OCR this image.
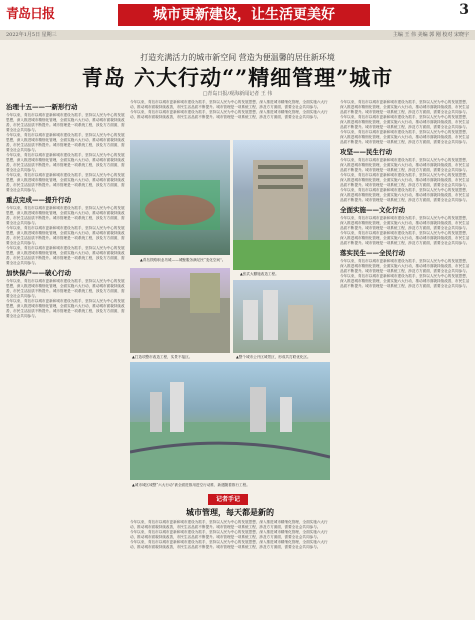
青岛日报	城市更新建设，让生活更美好	3
2022年1月5日 星期三	主编 王 伟 美编 郭 刚 校对 宋晓宇
打造充满活力的城市新空间 营造为便温馨的居住新环境
青岛 六大行动“”精细管理”城市
□青岛日报/观海新闻记者 王 伟
治理十五——一新形行动
今年以来，青岛市以城市更新和城市建设为抓手，坚持以人民为中心的发展思想，深入推进城市精细化管理，全面实施六大行动，推动城市面貌持续改善，市民生活品质不断提升。城市管理是一项系统工程，涉及方方面面，需要全社会共同参与。
今年以来，青岛市以城市更新和城市建设为抓手，坚持以人民为中心的发展思想，深入推进城市精细化管理，全面实施六大行动，推动城市面貌持续改善，市民生活品质不断提升。城市管理是一项系统工程，涉及方方面面，需要全社会共同参与。
今年以来，青岛市以城市更新和城市建设为抓手，坚持以人民为中心的发展思想，深入推进城市精细化管理，全面实施六大行动，推动城市面貌持续改善，市民生活品质不断提升。城市管理是一项系统工程，涉及方方面面，需要全社会共同参与。
今年以来，青岛市以城市更新和城市建设为抓手，坚持以人民为中心的发展思想，深入推进城市精细化管理，全面实施六大行动，推动城市面貌持续改善，市民生活品质不断提升。城市管理是一项系统工程，涉及方方面面，需要全社会共同参与。
重点完成——提升行动
今年以来，青岛市以城市更新和城市建设为抓手，坚持以人民为中心的发展思想，深入推进城市精细化管理，全面实施六大行动，推动城市面貌持续改善，市民生活品质不断提升。城市管理是一项系统工程，涉及方方面面，需要全社会共同参与。
今年以来，青岛市以城市更新和城市建设为抓手，坚持以人民为中心的发展思想，深入推进城市精细化管理，全面实施六大行动，推动城市面貌持续改善，市民生活品质不断提升。城市管理是一项系统工程，涉及方方面面，需要全社会共同参与。
今年以来，青岛市以城市更新和城市建设为抓手，坚持以人民为中心的发展思想，深入推进城市精细化管理，全面实施六大行动，推动城市面貌持续改善，市民生活品质不断提升。城市管理是一项系统工程，涉及方方面面，需要全社会共同参与。
加快保户——破心行动
今年以来，青岛市以城市更新和城市建设为抓手，坚持以人民为中心的发展思想，深入推进城市精细化管理，全面实施六大行动，推动城市面貌持续改善，市民生活品质不断提升。城市管理是一项系统工程，涉及方方面面，需要全社会共同参与。
今年以来，青岛市以城市更新和城市建设为抓手，坚持以人民为中心的发展思想，深入推进城市精细化管理，全面实施六大行动，推动城市面貌持续改善，市民生活品质不断提升。城市管理是一项系统工程，涉及方方面面，需要全社会共同参与。
今年以来，青岛市以城市更新和城市建设为抓手，坚持以人民为中心的发展思想，深入推进城市精细化管理，全面实施六大行动，推动城市面貌持续改善，市民生活品质不断提升。城市管理是一项系统工程，涉及方方面面，需要全社会共同参与。
今年以来，青岛市以城市更新和城市建设为抓手，坚持以人民为中心的发展思想，深入推进城市精细化管理，全面实施六大行动，推动城市面貌持续改善，市民生活品质不断提升。城市管理是一项系统工程，涉及方方面面，需要全社会共同参与。
▲青岛铁路职业坊城——城聚服务满足民“变化空间”。
▲张武大棚施改造工程。
▲打造项整市改造工程，实景不接区。	▲整个城市公开区城景区，形成共打联优化区。
▲城市城区城整“六大行动”被全面进推用进空行动推、新遇随着推行工程。
记者手记
城市管理，每天都是新的
今年以来，青岛市以城市更新和城市建设为抓手，坚持以人民为中心的发展思想，深入推进城市精细化管理，全面实施六大行动，推动城市面貌持续改善，市民生活品质不断提升。城市管理是一项系统工程，涉及方方面面，需要全社会共同参与。
今年以来，青岛市以城市更新和城市建设为抓手，坚持以人民为中心的发展思想，深入推进城市精细化管理，全面实施六大行动，推动城市面貌持续改善，市民生活品质不断提升。城市管理是一项系统工程，涉及方方面面，需要全社会共同参与。
今年以来，青岛市以城市更新和城市建设为抓手，坚持以人民为中心的发展思想，深入推进城市精细化管理，全面实施六大行动，推动城市面貌持续改善，市民生活品质不断提升。城市管理是一项系统工程，涉及方方面面，需要全社会共同参与。
今年以来，青岛市以城市更新和城市建设为抓手，坚持以人民为中心的发展思想，深入推进城市精细化管理，全面实施六大行动，推动城市面貌持续改善，市民生活品质不断提升。城市管理是一项系统工程，涉及方方面面，需要全社会共同参与。
今年以来，青岛市以城市更新和城市建设为抓手，坚持以人民为中心的发展思想，深入推进城市精细化管理，全面实施六大行动，推动城市面貌持续改善，市民生活品质不断提升。城市管理是一项系统工程，涉及方方面面，需要全社会共同参与。
今年以来，青岛市以城市更新和城市建设为抓手，坚持以人民为中心的发展思想，深入推进城市精细化管理，全面实施六大行动，推动城市面貌持续改善，市民生活品质不断提升。城市管理是一项系统工程，涉及方方面面，需要全社会共同参与。
攻坚——民生行动
今年以来，青岛市以城市更新和城市建设为抓手，坚持以人民为中心的发展思想，深入推进城市精细化管理，全面实施六大行动，推动城市面貌持续改善，市民生活品质不断提升。城市管理是一项系统工程，涉及方方面面，需要全社会共同参与。
今年以来，青岛市以城市更新和城市建设为抓手，坚持以人民为中心的发展思想，深入推进城市精细化管理，全面实施六大行动，推动城市面貌持续改善，市民生活品质不断提升。城市管理是一项系统工程，涉及方方面面，需要全社会共同参与。
今年以来，青岛市以城市更新和城市建设为抓手，坚持以人民为中心的发展思想，深入推进城市精细化管理，全面实施六大行动，推动城市面貌持续改善，市民生活品质不断提升。城市管理是一项系统工程，涉及方方面面，需要全社会共同参与。
全面实施——文化行动
今年以来，青岛市以城市更新和城市建设为抓手，坚持以人民为中心的发展思想，深入推进城市精细化管理，全面实施六大行动，推动城市面貌持续改善，市民生活品质不断提升。城市管理是一项系统工程，涉及方方面面，需要全社会共同参与。
今年以来，青岛市以城市更新和城市建设为抓手，坚持以人民为中心的发展思想，深入推进城市精细化管理，全面实施六大行动，推动城市面貌持续改善，市民生活品质不断提升。城市管理是一项系统工程，涉及方方面面，需要全社会共同参与。
落实民生——全民行动
今年以来，青岛市以城市更新和城市建设为抓手，坚持以人民为中心的发展思想，深入推进城市精细化管理，全面实施六大行动，推动城市面貌持续改善，市民生活品质不断提升。城市管理是一项系统工程，涉及方方面面，需要全社会共同参与。
今年以来，青岛市以城市更新和城市建设为抓手，坚持以人民为中心的发展思想，深入推进城市精细化管理，全面实施六大行动，推动城市面貌持续改善，市民生活品质不断提升。城市管理是一项系统工程，涉及方方面面，需要全社会共同参与。
